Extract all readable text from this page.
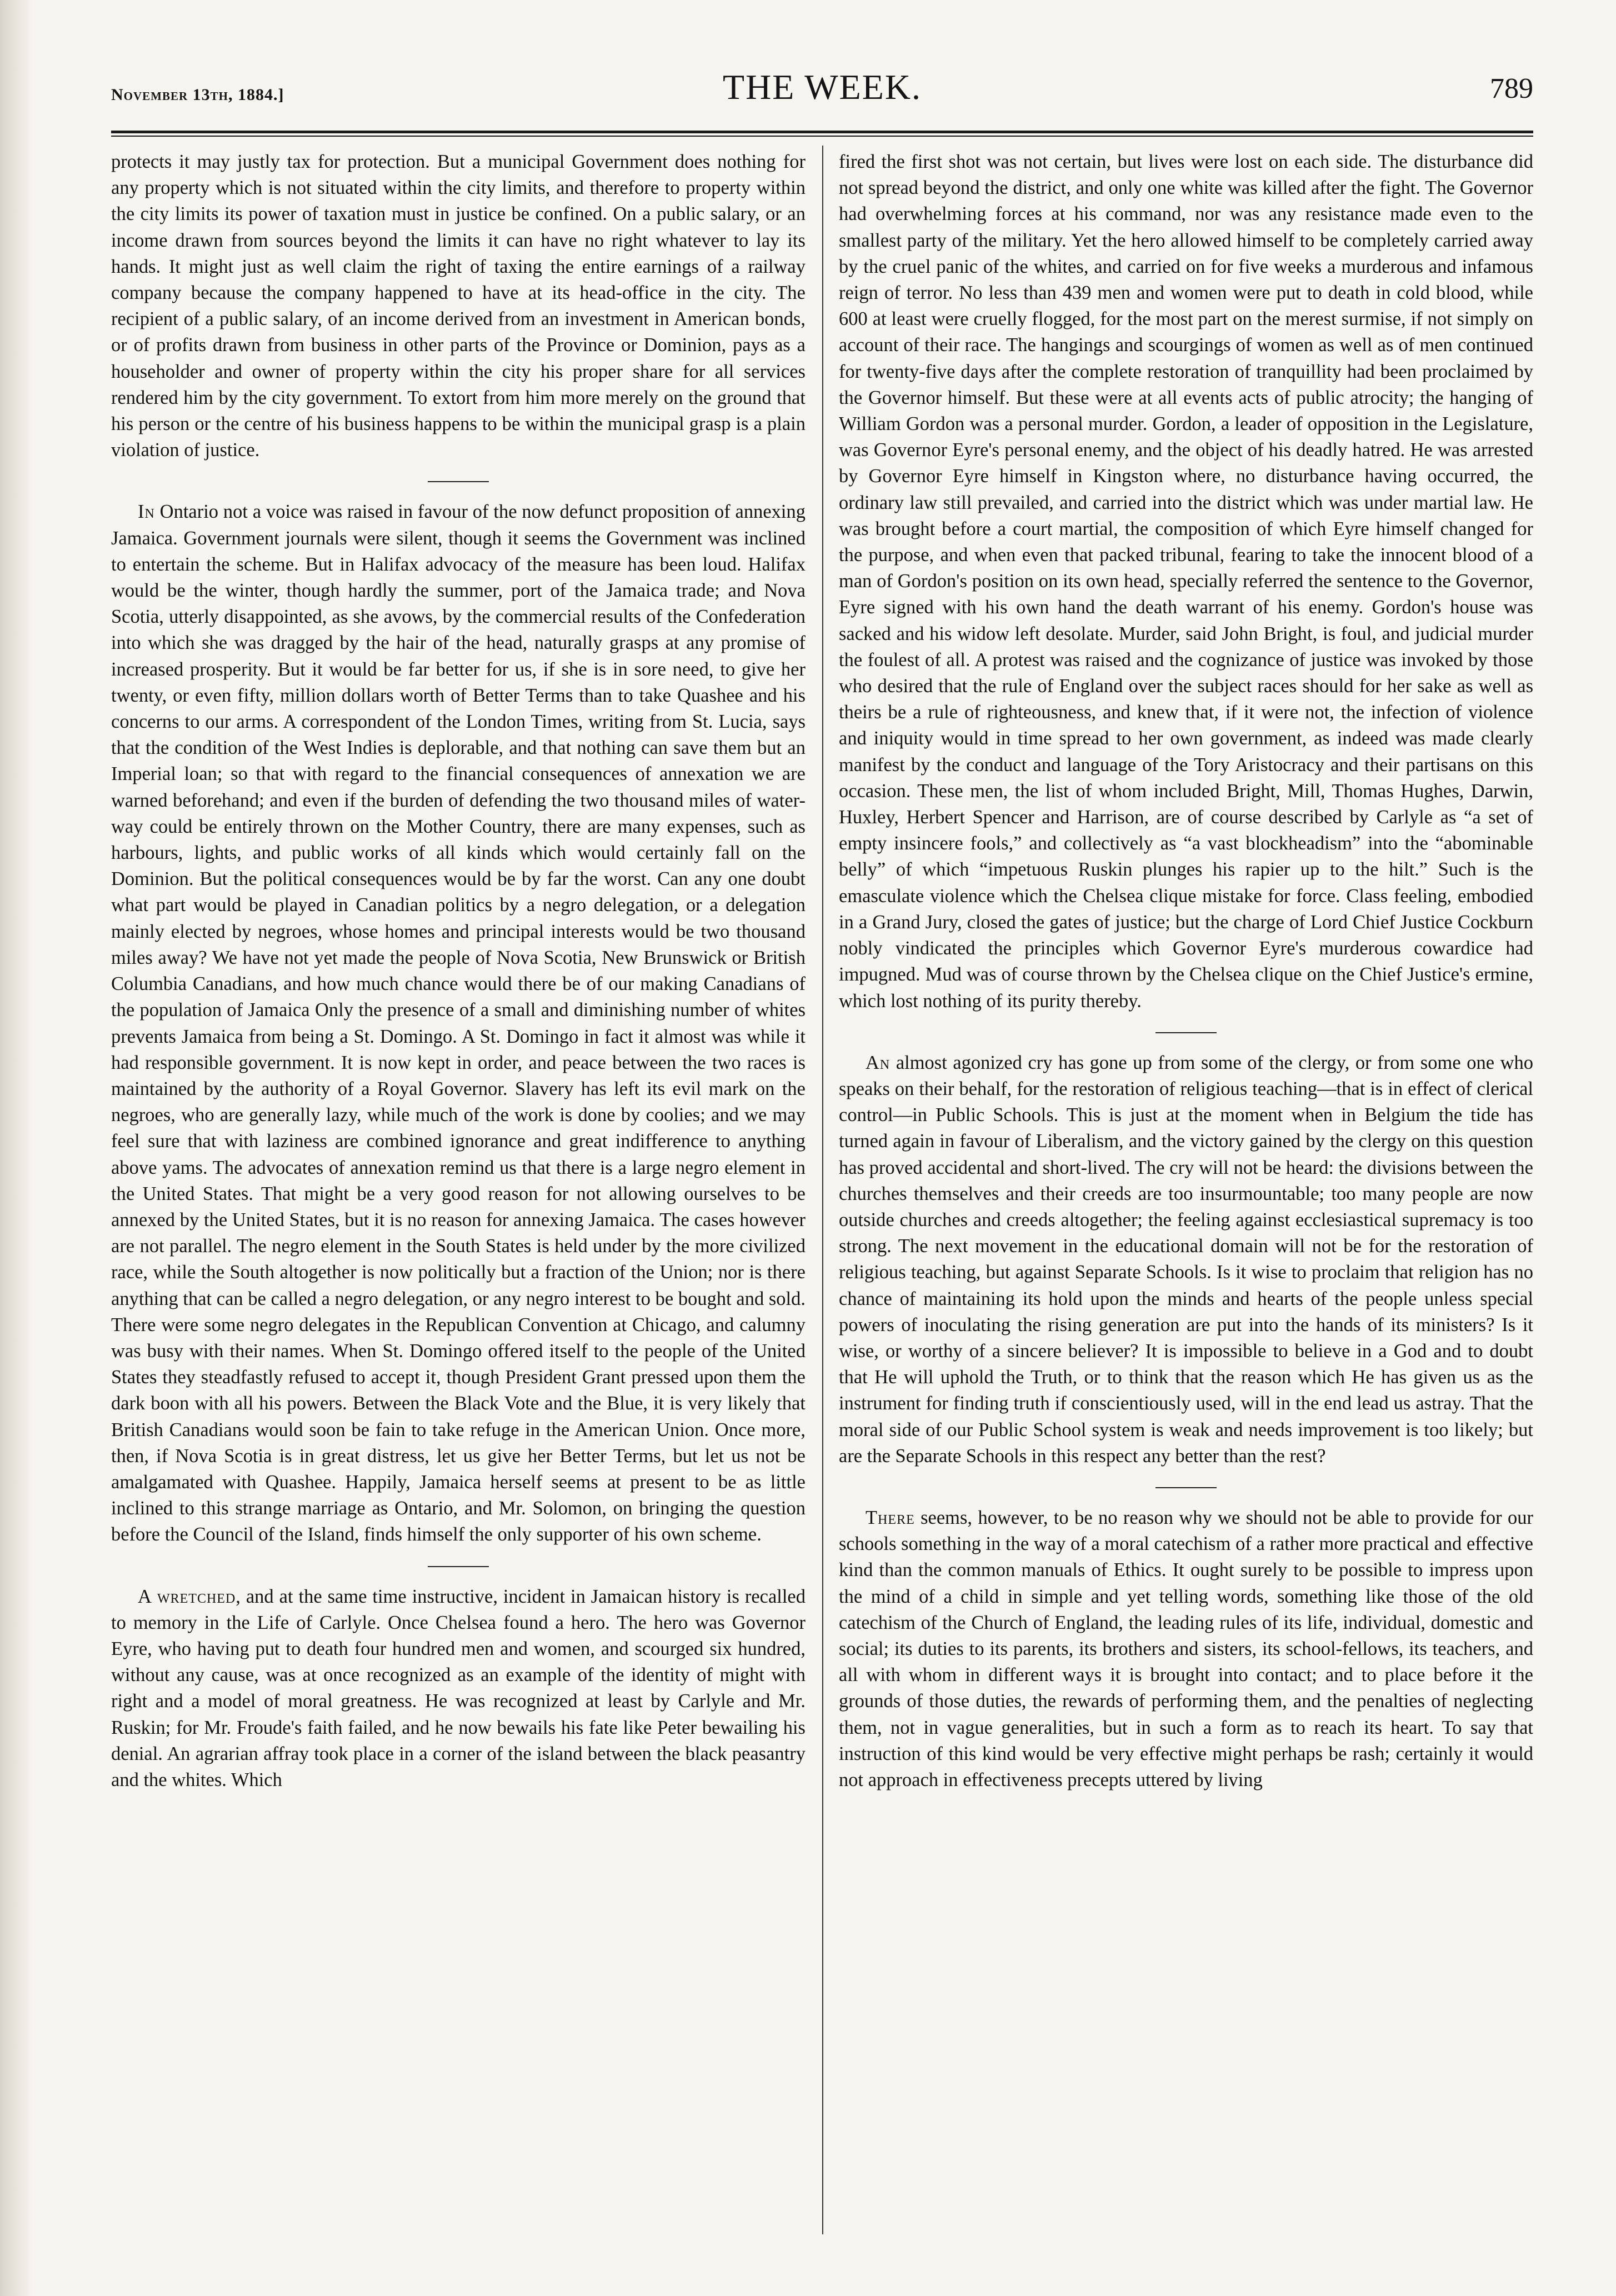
November 13th, 1884.]	THE WEEK.	789

protects it may justly tax for protection. But a municipal Government does nothing for any property which is not situated within the city limits, and therefore to property within the city limits its power of taxation must in justice be confined. On a public salary, or an income drawn from sources beyond the limits it can have no right whatever to lay its hands. It might just as well claim the right of taxing the entire earnings of a railway company because the company happened to have at its head-office in the city. The recipient of a public salary, of an income derived from an investment in American bonds, or of profits drawn from business in other parts of the Province or Dominion, pays as a householder and owner of property within the city his proper share for all services rendered him by the city government. To extort from him more merely on the ground that his person or the centre of his business happens to be within the municipal grasp is a plain violation of justice.

In Ontario not a voice was raised in favour of the now defunct proposition of annexing Jamaica. Government journals were silent, though it seems the Government was inclined to entertain the scheme. But in Halifax advocacy of the measure has been loud. Halifax would be the winter, though hardly the summer, port of the Jamaica trade; and Nova Scotia, utterly disappointed, as she avows, by the commercial results of the Confederation into which she was dragged by the hair of the head, naturally grasps at any promise of increased prosperity. But it would be far better for us, if she is in sore need, to give her twenty, or even fifty, million dollars worth of Better Terms than to take Quashee and his concerns to our arms. A correspondent of the London Times, writing from St. Lucia, says that the condition of the West Indies is deplorable, and that nothing can save them but an Imperial loan; so that with regard to the financial consequences of annexation we are warned beforehand; and even if the burden of defending the two thousand miles of water-way could be entirely thrown on the Mother Country, there are many expenses, such as harbours, lights, and public works of all kinds which would certainly fall on the Dominion. But the political consequences would be by far the worst. Can any one doubt what part would be played in Canadian politics by a negro delegation, or a delegation mainly elected by negroes, whose homes and principal interests would be two thousand miles away? We have not yet made the people of Nova Scotia, New Brunswick or British Columbia Canadians, and how much chance would there be of our making Canadians of the population of Jamaica Only the presence of a small and diminishing number of whites prevents Jamaica from being a St. Domingo. A St. Domingo in fact it almost was while it had responsible government. It is now kept in order, and peace between the two races is maintained by the authority of a Royal Governor. Slavery has left its evil mark on the negroes, who are generally lazy, while much of the work is done by coolies; and we may feel sure that with laziness are combined ignorance and great indifference to anything above yams. The advocates of annexation remind us that there is a large negro element in the United States. That might be a very good reason for not allowing ourselves to be annexed by the United States, but it is no reason for annexing Jamaica. The cases however are not parallel. The negro element in the South States is held under by the more civilized race, while the South altogether is now politically but a fraction of the Union; nor is there anything that can be called a negro delegation, or any negro interest to be bought and sold. There were some negro delegates in the Republican Convention at Chicago, and calumny was busy with their names. When St. Domingo offered itself to the people of the United States they steadfastly refused to accept it, though President Grant pressed upon them the dark boon with all his powers. Between the Black Vote and the Blue, it is very likely that British Canadians would soon be fain to take refuge in the American Union. Once more, then, if Nova Scotia is in great distress, let us give her Better Terms, but let us not be amalgamated with Quashee. Happily, Jamaica herself seems at present to be as little inclined to this strange marriage as Ontario, and Mr. Solomon, on bringing the question before the Council of the Island, finds himself the only supporter of his own scheme.

A wretched, and at the same time instructive, incident in Jamaican history is recalled to memory in the Life of Carlyle. Once Chelsea found a hero. The hero was Governor Eyre, who having put to death four hundred men and women, and scourged six hundred, without any cause, was at once recognized as an example of the identity of might with right and a model of moral greatness. He was recognized at least by Carlyle and Mr. Ruskin; for Mr. Froude's faith failed, and he now bewails his fate like Peter bewailing his denial. An agrarian affray took place in a corner of the island between the black peasantry and the whites. Which

fired the first shot was not certain, but lives were lost on each side. The disturbance did not spread beyond the district, and only one white was killed after the fight. The Governor had overwhelming forces at his command, nor was any resistance made even to the smallest party of the military. Yet the hero allowed himself to be completely carried away by the cruel panic of the whites, and carried on for five weeks a murderous and infamous reign of terror. No less than 439 men and women were put to death in cold blood, while 600 at least were cruelly flogged, for the most part on the merest surmise, if not simply on account of their race. The hangings and scourgings of women as well as of men continued for twenty-five days after the complete restoration of tranquillity had been proclaimed by the Governor himself. But these were at all events acts of public atrocity; the hanging of William Gordon was a personal murder. Gordon, a leader of opposition in the Legislature, was Governor Eyre's personal enemy, and the object of his deadly hatred. He was arrested by Governor Eyre himself in Kingston where, no disturbance having occurred, the ordinary law still prevailed, and carried into the district which was under martial law. He was brought before a court martial, the composition of which Eyre himself changed for the purpose, and when even that packed tribunal, fearing to take the innocent blood of a man of Gordon's position on its own head, specially referred the sentence to the Governor, Eyre signed with his own hand the death warrant of his enemy. Gordon's house was sacked and his widow left desolate. Murder, said John Bright, is foul, and judicial murder the foulest of all. A protest was raised and the cognizance of justice was invoked by those who desired that the rule of England over the subject races should for her sake as well as theirs be a rule of righteousness, and knew that, if it were not, the infection of violence and iniquity would in time spread to her own government, as indeed was made clearly manifest by the conduct and language of the Tory Aristocracy and their partisans on this occasion. These men, the list of whom included Bright, Mill, Thomas Hughes, Darwin, Huxley, Herbert Spencer and Harrison, are of course described by Carlyle as “a set of empty insincere fools,” and collectively as “a vast blockheadism” into the “abominable belly” of which “impetuous Ruskin plunges his rapier up to the hilt.” Such is the emasculate violence which the Chelsea clique mistake for force. Class feeling, embodied in a Grand Jury, closed the gates of justice; but the charge of Lord Chief Justice Cockburn nobly vindicated the principles which Governor Eyre's murderous cowardice had impugned. Mud was of course thrown by the Chelsea clique on the Chief Justice's ermine, which lost nothing of its purity thereby.

An almost agonized cry has gone up from some of the clergy, or from some one who speaks on their behalf, for the restoration of religious teaching—that is in effect of clerical control—in Public Schools. This is just at the moment when in Belgium the tide has turned again in favour of Liberalism, and the victory gained by the clergy on this question has proved accidental and short-lived. The cry will not be heard: the divisions between the churches themselves and their creeds are too insurmountable; too many people are now outside churches and creeds altogether; the feeling against ecclesiastical supremacy is too strong. The next movement in the educational domain will not be for the restoration of religious teaching, but against Separate Schools. Is it wise to proclaim that religion has no chance of maintaining its hold upon the minds and hearts of the people unless special powers of inoculating the rising generation are put into the hands of its ministers? Is it wise, or worthy of a sincere believer? It is impossible to believe in a God and to doubt that He will uphold the Truth, or to think that the reason which He has given us as the instrument for finding truth if conscientiously used, will in the end lead us astray. That the moral side of our Public School system is weak and needs improvement is too likely; but are the Separate Schools in this respect any better than the rest?

There seems, however, to be no reason why we should not be able to provide for our schools something in the way of a moral catechism of a rather more practical and effective kind than the common manuals of Ethics. It ought surely to be possible to impress upon the mind of a child in simple and yet telling words, something like those of the old catechism of the Church of England, the leading rules of its life, individual, domestic and social; its duties to its parents, its brothers and sisters, its school-fellows, its teachers, and all with whom in different ways it is brought into contact; and to place before it the grounds of those duties, the rewards of performing them, and the penalties of neglecting them, not in vague generalities, but in such a form as to reach its heart. To say that instruction of this kind would be very effective might perhaps be rash; certainly it would not approach in effectiveness precepts uttered by living
